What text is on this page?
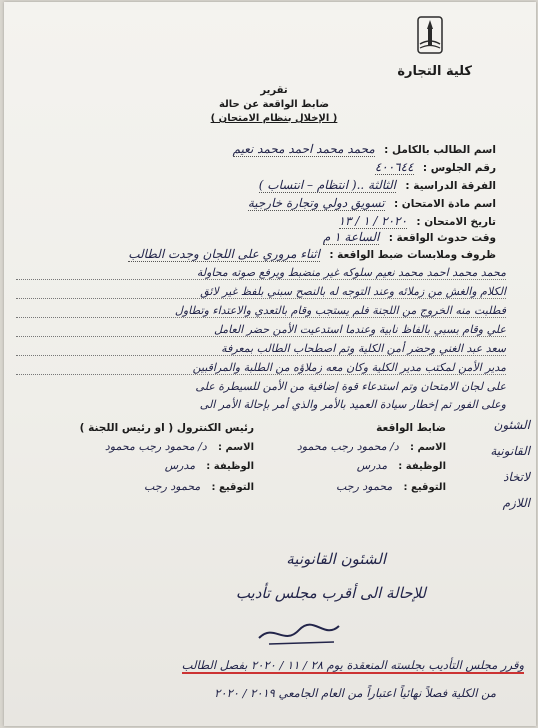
كلية التجارة
تقرير
ضابط الواقعة عن حالة
( الإخلال بنظام الامتحان )
اسم الطالب بالكامل : محمد محمد احمد محمد نعيم
رقم الجلوس : ٤٠٠٦٤٤
الفرقة الدراسية : الثالثة ..( انتظام – انتساب )
اسم مادة الامتحان : تسويق دولي وتجارة خارجية
تاريخ الامتحان : ٢٠٢٠ / ١ / ١٣
وقت حدوث الواقعة : الساعة ١ م
ظروف وملابسات ضبط الواقعة : اثناء مروري على اللجان وجدت الطالب
محمد محمد احمد محمد نعيم سلوكه غير منضبط ويرفع صوته محاولة
الكلام والغش من زملائه وعند التوجه له بالنصح سبني بلفظ غير لائق
فطلبت منه الخروج من اللجنة فلم يستجب وقام بالتعدي والاعتداء وتطاول
علي وقام بسبي بالفاظ نابية وعندما استدعيت الأمن حضر العامل
سعد عبد الغني وحضر أمن الكلية وتم اصطحاب الطالب بمعرفة
مدير الأمن لمكتب مدير الكلية وكان معه زملاؤه من الطلبة والمراقبين
على لجان الامتحان وتم استدعاء قوة إضافية من الأمن للسيطرة على
وعلى الفور تم إخطار سيادة العميد بالأمر والذي أمر بإحالة الأمر الى
الشئون
القانونية
لاتخاذ
اللازم
ضابط الواقعة
الاسم : د/ محمود رجب محمود
الوظيفة : مدرس
التوقيع : محمود رجب
رئيس الكنترول ( او رئيس اللجنة )
الاسم : د/ محمود رجب محمود
الوظيفة : مدرس
التوقيع : محمود رجب
الشئون القانونية
للإحالة الى أقرب مجلس تأديب
وقرر مجلس التأديب بجلسته المنعقدة يوم ٢٨ / ١١ / ٢٠٢٠ بفصل الطالب
من الكلية فصلاً نهائياً اعتباراً من العام الجامعي ٢٠١٩ / ٢٠٢٠
